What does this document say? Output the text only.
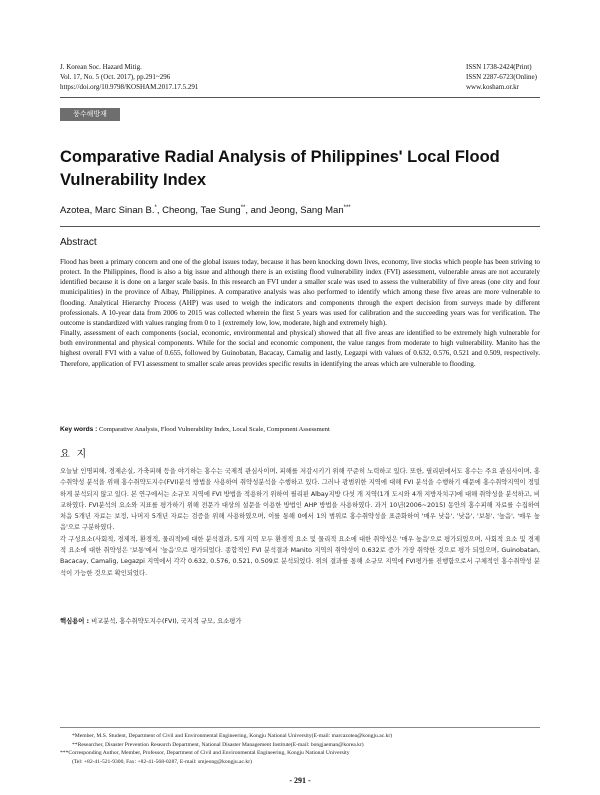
J. Korean Soc. Hazard Mitig.
Vol. 17, No. 5 (Oct. 2017), pp.291~296
https://doi.org/10.9798/KOSHAM.2017.17.5.291
ISSN 1738-2424(Print)
ISSN 2287-6723(Online)
www.kosham.or.kr
풍수해방재
Comparative Radial Analysis of Philippines' Local Flood Vulnerability Index
Azotea, Marc Sinan B.*, Cheong, Tae Sung**, and Jeong, Sang Man***
Abstract

Flood has been a primary concern and one of the global issues today, because it has been knocking down lives, economy, live stocks which people has been striving to protect. In the Philippines, flood is also a big issue and although there is an existing flood vulnerability index (FVI) assessment, vulnerable areas are not accurately identified because it is done on a larger scale basis. In this research an FVI under a smaller scale was used to assess the vulnerability of five areas (one city and four municipalities) in the province of Albay, Philippines. A comparative analysis was also performed to identify which among these five areas are more vulnerable to flooding. Analytical Hierarchy Process (AHP) was used to weigh the indicators and components through the expert decision from surveys made by different professionals. A 10-year data from 2006 to 2015 was collected wherein the first 5 years was used for calibration and the succeeding years was for verification. The outcome is standardized with values ranging from 0 to 1 (extremely low, low, moderate, high and extremely high).

Finally, assessment of each components (social, economic, environmental and physical) showed that all five areas are identified to be extremely high vulnerable for both environmental and physical components. While for the social and economic component, the value ranges from moderate to high vulnerability. Manito has the highest overall FVI with a value of 0.655, followed by Guinobatan, Bacacay, Camalig and lastly, Legazpi with values of 0.632, 0.576, 0.521 and 0.509, respectively. Therefore, application of FVI assessment to smaller scale areas provides specific results in identifying the areas which are vulnerable to flooding.

Key words : Comparative Analysis, Flood Vulnerability Index, Local Scale, Component Assessment
요 지

오늘날 인명피해, 경제손실, 가축피해 등을 야기하는 홍수는 국제적 관심사이며, 피해를 저감시키기 위해 꾸준히 노력하고 있다. 또한, 필리핀에서도 홍수는 주요 관심사이며, 홍수취약성 분석을 위해 홍수취약도지수(FVI)분석 방법을 사용하여 취약성분석을 수행하고 있다. 그러나 광범위한 지역에 대해 FVI 분석을 수행하기 때문에 홍수취약지역이 정밀하게 분석되지 않고 있다. 본 연구에서는 소규모 지역에 FVI 방법을 적용하기 위하여 필리핀 Albay지방 다섯 개 지역(1개 도시와 4개 지방자치구)에 대해 취약성을 분석하고, 비교하였다. FVI분석의 요소와 지표를 평가하기 위해 전문가 대상의 설문을 이용한 방법인 AHP 방법을 사용하였다. 과거 10년(2006~2015) 동안의 홍수피해 자료를 수집하여 처음 5개년 자료는 보정, 나머지 5개년 자료는 검증을 위해 사용하였으며, 이를 통해 0에서 1의 범위로 홍수취약성을 표준화하여 '매우 낮음', '낮음', '보통', '높음', '매우 높음'으로 구분하였다.

각 구성요소(사회적, 경제적, 환경적, 물리적)에 대한 분석결과, 5개 지역 모두 환경적 요소 및 물리적 요소에 대한 취약성은 '매우 높음'으로 평가되었으며, 사회적 요소 및 경제적 요소에 대한 취약성은 '보통'에서 '높음'으로 평가되었다. 종합적인 FVI 분석결과 Manito 지역의 취약성이 0.632로 증가 가장 취약한 것으로 평가 되었으며, Guinobatan, Bacacay, Camalig, Legazpi 지역에서 각각 0.632, 0.576, 0.521, 0.509로 분석되었다. 위의 결과를 통해 소규모 지역에 FVI평가를 진행함으로서 구체적인 홍수취약성 분석이 가능한 것으로 확인되었다.

핵심용어 : 비교분석, 홍수취약도지수(FVI), 국지적 규모, 요소평가
*Member, M.S. Student, Department of Civil and Environmental Engineering, Kongju National University(E-mail: marcazotea@kongju.ac.kr)
**Researcher, Disaster Prevention Research Department, National Disaster Management Institute(E-mail: bongjaeman@korea.kr)
***Corresponding Author, Member, Professor, Department of Civil and Environmental Engineering, Kongju National University
(Tel: +82-41-521-9300, Fax: +82-41-568-0287, E-mail: smjeong@kongju.ac.kr)
- 291 -
